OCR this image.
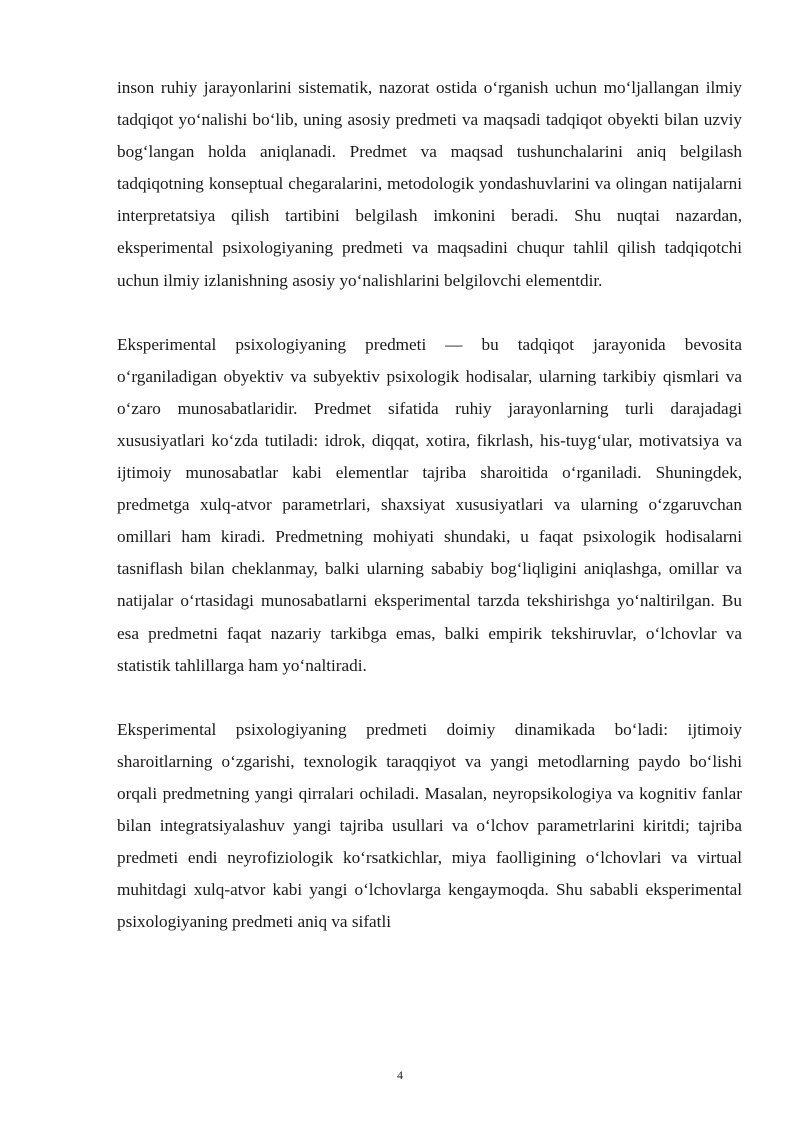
inson ruhiy jarayonlarini sistematik, nazorat ostida o‘rganish uchun mo‘ljallangan ilmiy tadqiqot yo‘nalishi bo‘lib, uning asosiy predmeti va maqsadi tadqiqot obyekti bilan uzviy bog‘langan holda aniqlanadi. Predmet va maqsad tushunchalarini aniq belgilash tadqiqotning konseptual chegaralarini, metodologik yondashuvlarini va olingan natijalarni interpretatsiya qilish tartibini belgilash imkonini beradi. Shu nuqtai nazardan, eksperimental psixologiyaning predmeti va maqsadini chuqur tahlil qilish tadqiqotchi uchun ilmiy izlanishning asosiy yo‘nalishlarini belgilovchi elementdir.

Eksperimental psixologiyaning predmeti — bu tadqiqot jarayonida bevosita o‘rganiladigan obyektiv va subyektiv psixologik hodisalar, ularning tarkibiy qismlari va o‘zaro munosabatlaridir. Predmet sifatida ruhiy jarayonlarning turli darajadagi xususiyatlari ko‘zda tutiladi: idrok, diqqat, xotira, fikrlash, his-tuyg‘ular, motivatsiya va ijtimoiy munosabatlar kabi elementlar tajriba sharoitida o‘rganiladi. Shuningdek, predmetga xulq-atvor parametrlari, shaxsiyat xususiyatlari va ularning o‘zgaruvchan omillari ham kiradi. Predmetning mohiyati shundaki, u faqat psixologik hodisalarni tasniflash bilan cheklanmay, balki ularning sababiy bog‘liqligini aniqlashga, omillar va natijalar o‘rtasidagi munosabatlarni eksperimental tarzda tekshirishga yo‘naltirilgan. Bu esa predmetni faqat nazariy tarkibga emas, balki empirik tekshiruvlar, o‘lchovlar va statistik tahlillarga ham yo‘naltiradi.

Eksperimental psixologiyaning predmeti doimiy dinamikada bo‘ladi: ijtimoiy sharoitlarning o‘zgarishi, texnologik taraqqiyot va yangi metodlarning paydo bo‘lishi orqali predmetning yangi qirralari ochiladi. Masalan, neyropsikologiya va kognitiv fanlar bilan integratsiyalashuv yangi tajriba usullari va o‘lchov parametrlarini kiritdi; tajriba predmeti endi neyrofiziologik ko‘rsatkichlar, miya faolligining o‘lchovlari va virtual muhitdagi xulq-atvor kabi yangi o‘lchovlarga kengaymoqda. Shu sababli eksperimental psixologiyaning predmeti aniq va sifatli

4
